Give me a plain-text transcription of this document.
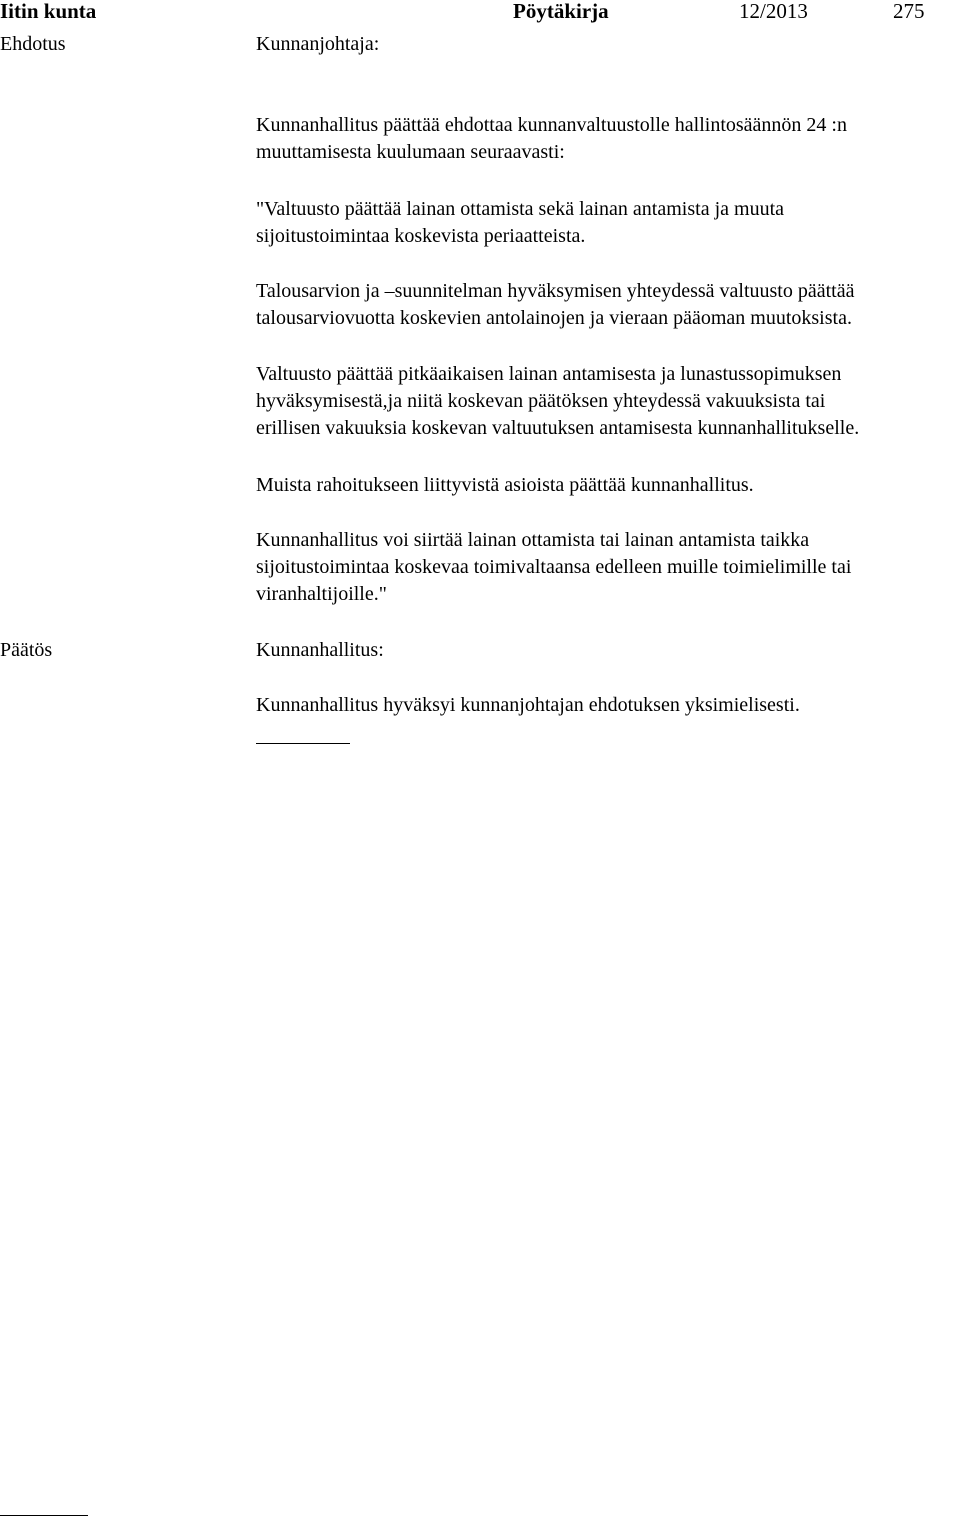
Iitin kunta	Pöytäkirja	12/2013	275
Ehdotus	Kunnanjohtaja:

Kunnanhallitus päättää ehdottaa kunnanvaltuustolle hallintosäännön 24 :n
muuttamisesta kuulumaan seuraavasti:

"Valtuusto päättää lainan ottamista sekä lainan antamista ja muuta
sijoitustoimintaa koskevista periaatteista.

Talousarvion ja –suunnitelman hyväksymisen yhteydessä valtuusto päättää
talousarviovuotta koskevien antolainojen ja vieraan pääoman muutoksista.

Valtuusto päättää pitkäaikaisen lainan antamisesta ja lunastussopimuksen
hyväksymisestä,ja niitä koskevan päätöksen yhteydessä vakuuksista tai
erillisen vakuuksia koskevan valtuutuksen antamisesta kunnanhallitukselle.

Muista rahoitukseen liittyvistä asioista päättää kunnanhallitus.

Kunnanhallitus voi siirtää lainan ottamista tai lainan antamista taikka
sijoitustoimintaa koskevaa toimivaltaansa edelleen muille toimielimille tai
viranhaltijoille."

Päätös	Kunnanhallitus:
Kunnanhallitus hyväksyi kunnanjohtajan ehdotuksen yksimielisesti.
